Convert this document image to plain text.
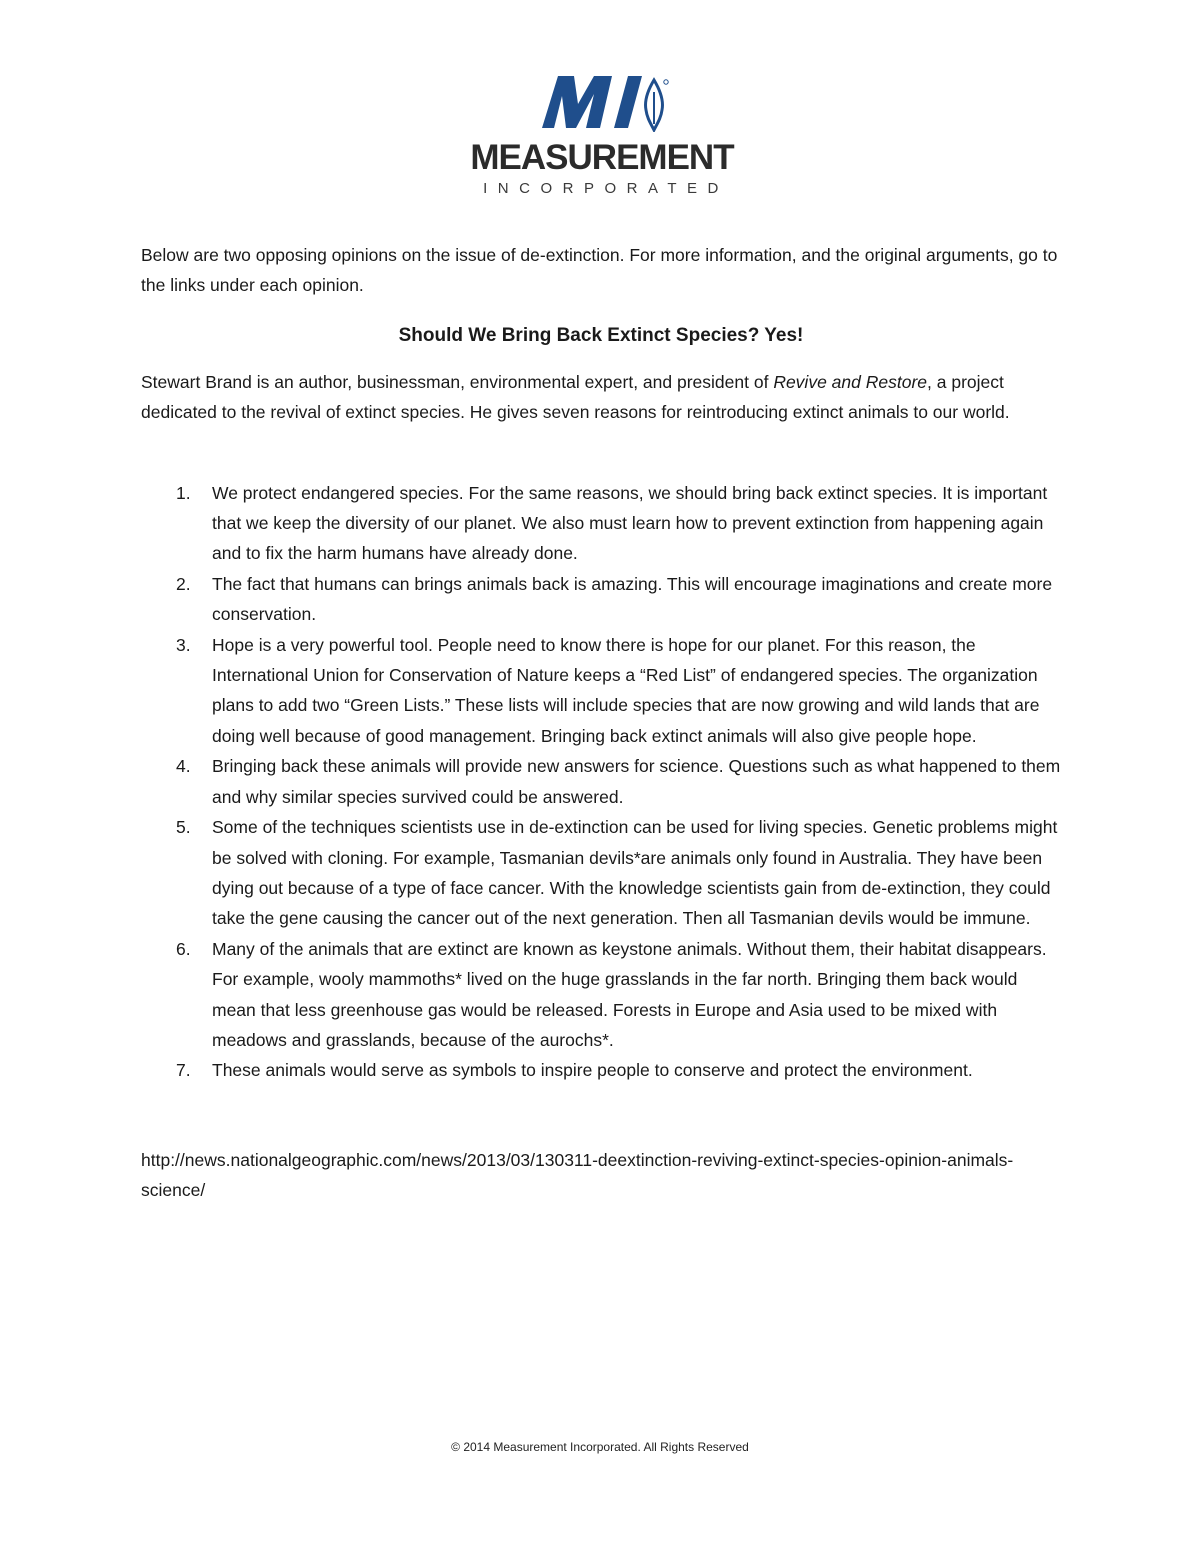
MEASUREMENT
INCORPORATED

Below are two opposing opinions on the issue of de-extinction. For more information, and the original arguments, go to the links under each opinion.

Should We Bring Back Extinct Species? Yes!

Stewart Brand is an author, businessman, environmental expert, and president of Revive and Restore, a project dedicated to the revival of extinct species. He gives seven reasons for reintroducing extinct animals to our world.

1. We protect endangered species. For the same reasons, we should bring back extinct species. It is important that we keep the diversity of our planet. We also must learn how to prevent extinction from happening again and to fix the harm humans have already done.
2. The fact that humans can brings animals back is amazing. This will encourage imaginations and create more conservation.
3. Hope is a very powerful tool. People need to know there is hope for our planet. For this reason, the International Union for Conservation of Nature keeps a “Red List” of endangered species. The organization plans to add two “Green Lists.” These lists will include species that are now growing and wild lands that are doing well because of good management. Bringing back extinct animals will also give people hope.
4. Bringing back these animals will provide new answers for science. Questions such as what happened to them and why similar species survived could be answered.
5. Some of the techniques scientists use in de-extinction can be used for living species. Genetic problems might be solved with cloning. For example, Tasmanian devils*are animals only found in Australia. They have been dying out because of a type of face cancer. With the knowledge scientists gain from de-extinction, they could take the gene causing the cancer out of the next generation. Then all Tasmanian devils would be immune.
6. Many of the animals that are extinct are known as keystone animals. Without them, their habitat disappears. For example, wooly mammoths* lived on the huge grasslands in the far north. Bringing them back would mean that less greenhouse gas would be released. Forests in Europe and Asia used to be mixed with meadows and grasslands, because of the aurochs*.
7. These animals would serve as symbols to inspire people to conserve and protect the environment.

http://news.nationalgeographic.com/news/2013/03/130311-deextinction-reviving-extinct-species-opinion-animals-science/

© 2014 Measurement Incorporated. All Rights Reserved
